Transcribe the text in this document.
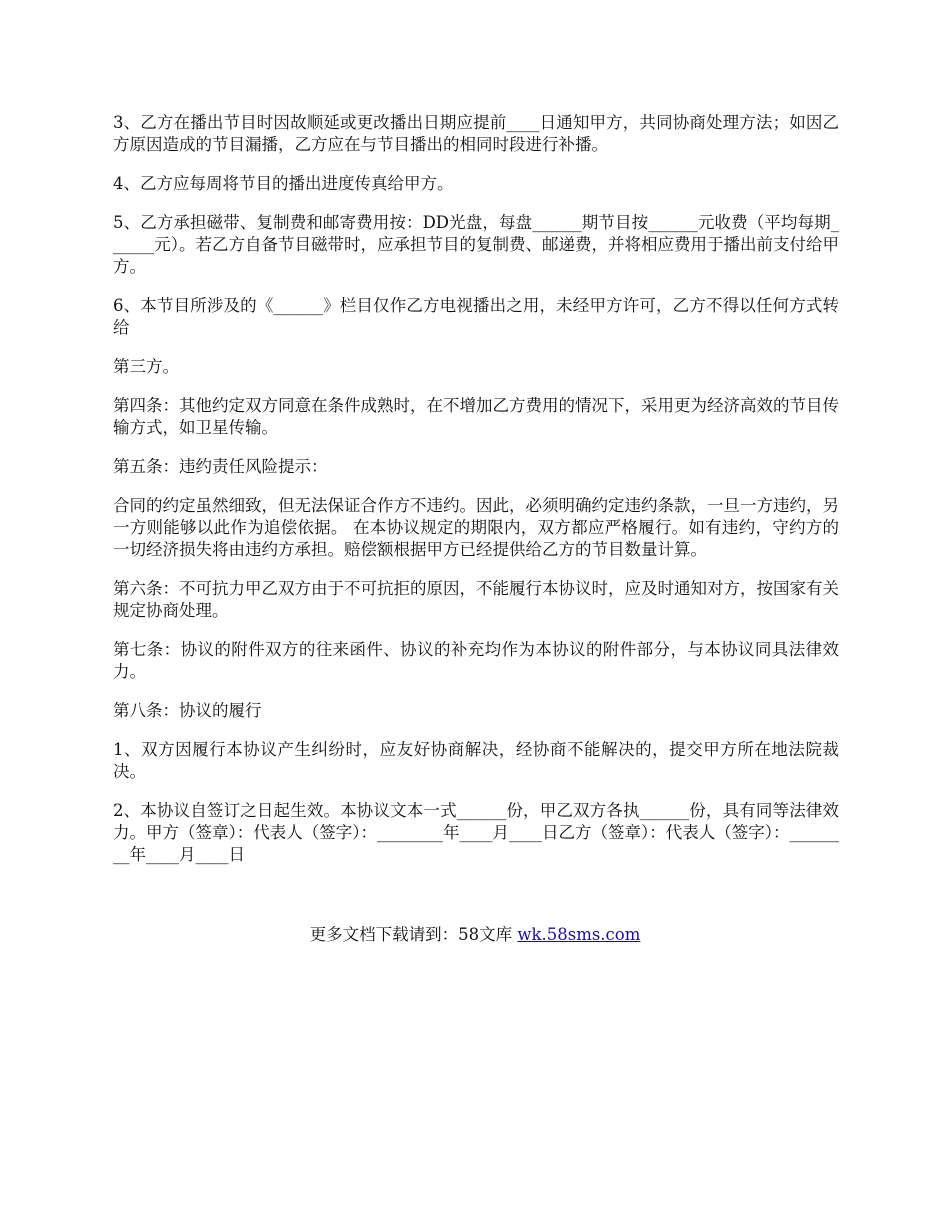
3、乙方在播出节目时因故顺延或更改播出日期应提前____日通知甲方，共同协商处理方法；如因乙方原因造成的节目漏播，乙方应在与节目播出的相同时段进行补播。

4、乙方应每周将节目的播出进度传真给甲方。

5、乙方承担磁带、复制费和邮寄费用按：DD光盘，每盘______期节目按______元收费（平均每期______元）。若乙方自备节目磁带时，应承担节目的复制费、邮递费，并将相应费用于播出前支付给甲方。

6、本节目所涉及的《______》栏目仅作乙方电视播出之用，未经甲方许可，乙方不得以任何方式转给

第三方。

第四条：其他约定双方同意在条件成熟时，在不增加乙方费用的情况下，采用更为经济高效的节目传输方式，如卫星传输。

第五条：违约责任风险提示：

合同的约定虽然细致，但无法保证合作方不违约。因此，必须明确约定违约条款，一旦一方违约，另一方则能够以此作为追偿依据。 在本协议规定的期限内，双方都应严格履行。如有违约，守约方的一切经济损失将由违约方承担。赔偿额根据甲方已经提供给乙方的节目数量计算。

第六条：不可抗力甲乙双方由于不可抗拒的原因，不能履行本协议时，应及时通知对方，按国家有关规定协商处理。

第七条：协议的附件双方的往来函件、协议的补充均作为本协议的附件部分，与本协议同具法律效力。

第八条：协议的履行

1、双方因履行本协议产生纠纷时，应友好协商解决，经协商不能解决的，提交甲方所在地法院裁决。

2、本协议自签订之日起生效。本协议文本一式______份，甲乙双方各执______份，具有同等法律效力。甲方（签章）：代表人（签字）：________年____月____日乙方（签章）：代表人（签字）：________年____月____日

更多文档下载请到：58文库 wk.58sms.com
